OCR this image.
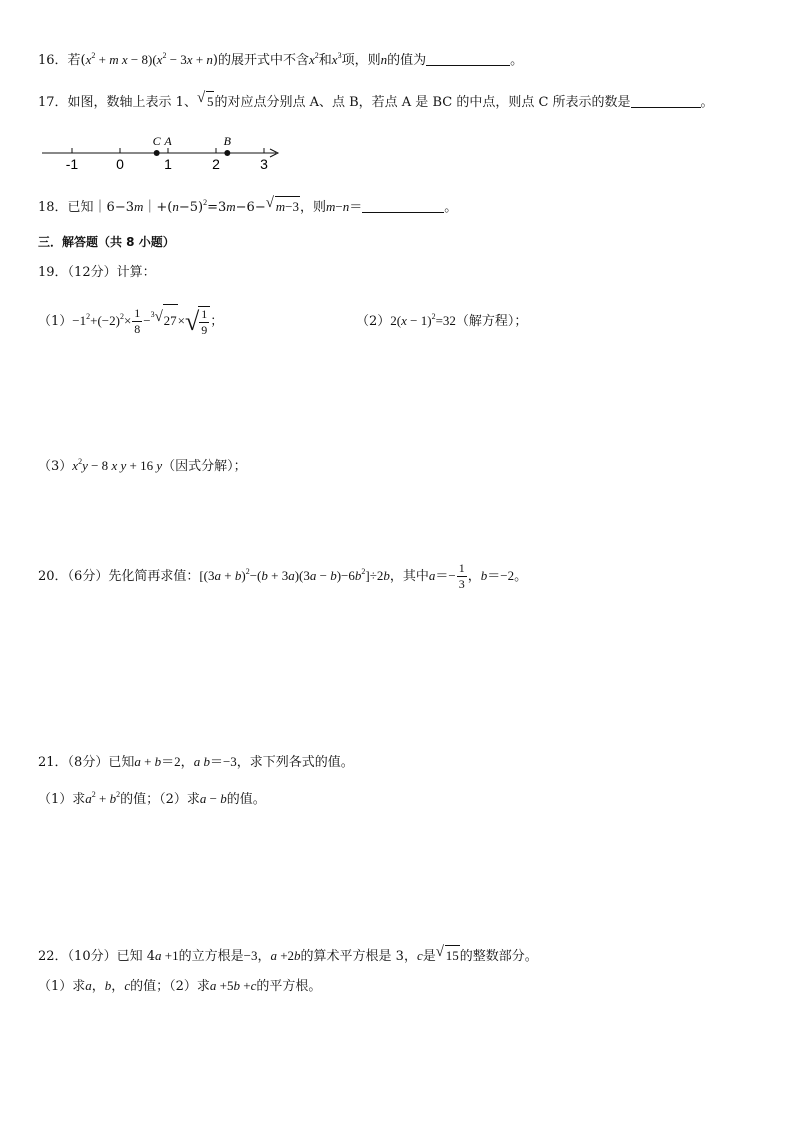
16．若($x^2 + m$ $x - 8)(x^2 - 3x + n)$的展开式中不含$x^2$和$x^3$项，则n的值为	。
17．如图，数轴上表示 1、 √ 5的对应点分别点 A、点 B，若点 A 是 BC 的中点，则点 C 所表示的数是	。
-1	0	1	2	3
C A	B
18．已知$|6-3m|+(n-5)^2=3m-6-$ √ m−3，则m−n＝	。
三．解答题（共 8 小题）
19．（12分）计算：
$(1)-1^2+(-2)^2\times \frac{1}{8} -^3$ √ 27× √ $\frac{1}{9}$ ；	$(2)2(x - 1)^2=32$（解方程）；
$(3)x^2y - 8$ x y + 16 y（因式分解）；
20．（6分）先化简再求值：$[(3a + b)^2-(b + 3a)(3a - b)-6b^2]\div 2b$，其中$a=- \frac{1}{3}$ ，b＝−2。
21．（8分）已知a + b＝2，a b＝−3，求下列各式的值。
（1）求$a^2 + b^2$的值；（2）求a − b的值。
22．（10分）已知 4a +1的立方根是−3，a +2b的算术平方根是 3，c是 √ 15的整数部分。
（1）求a，b，c的值；（2）求a +5b +c的平方根。
